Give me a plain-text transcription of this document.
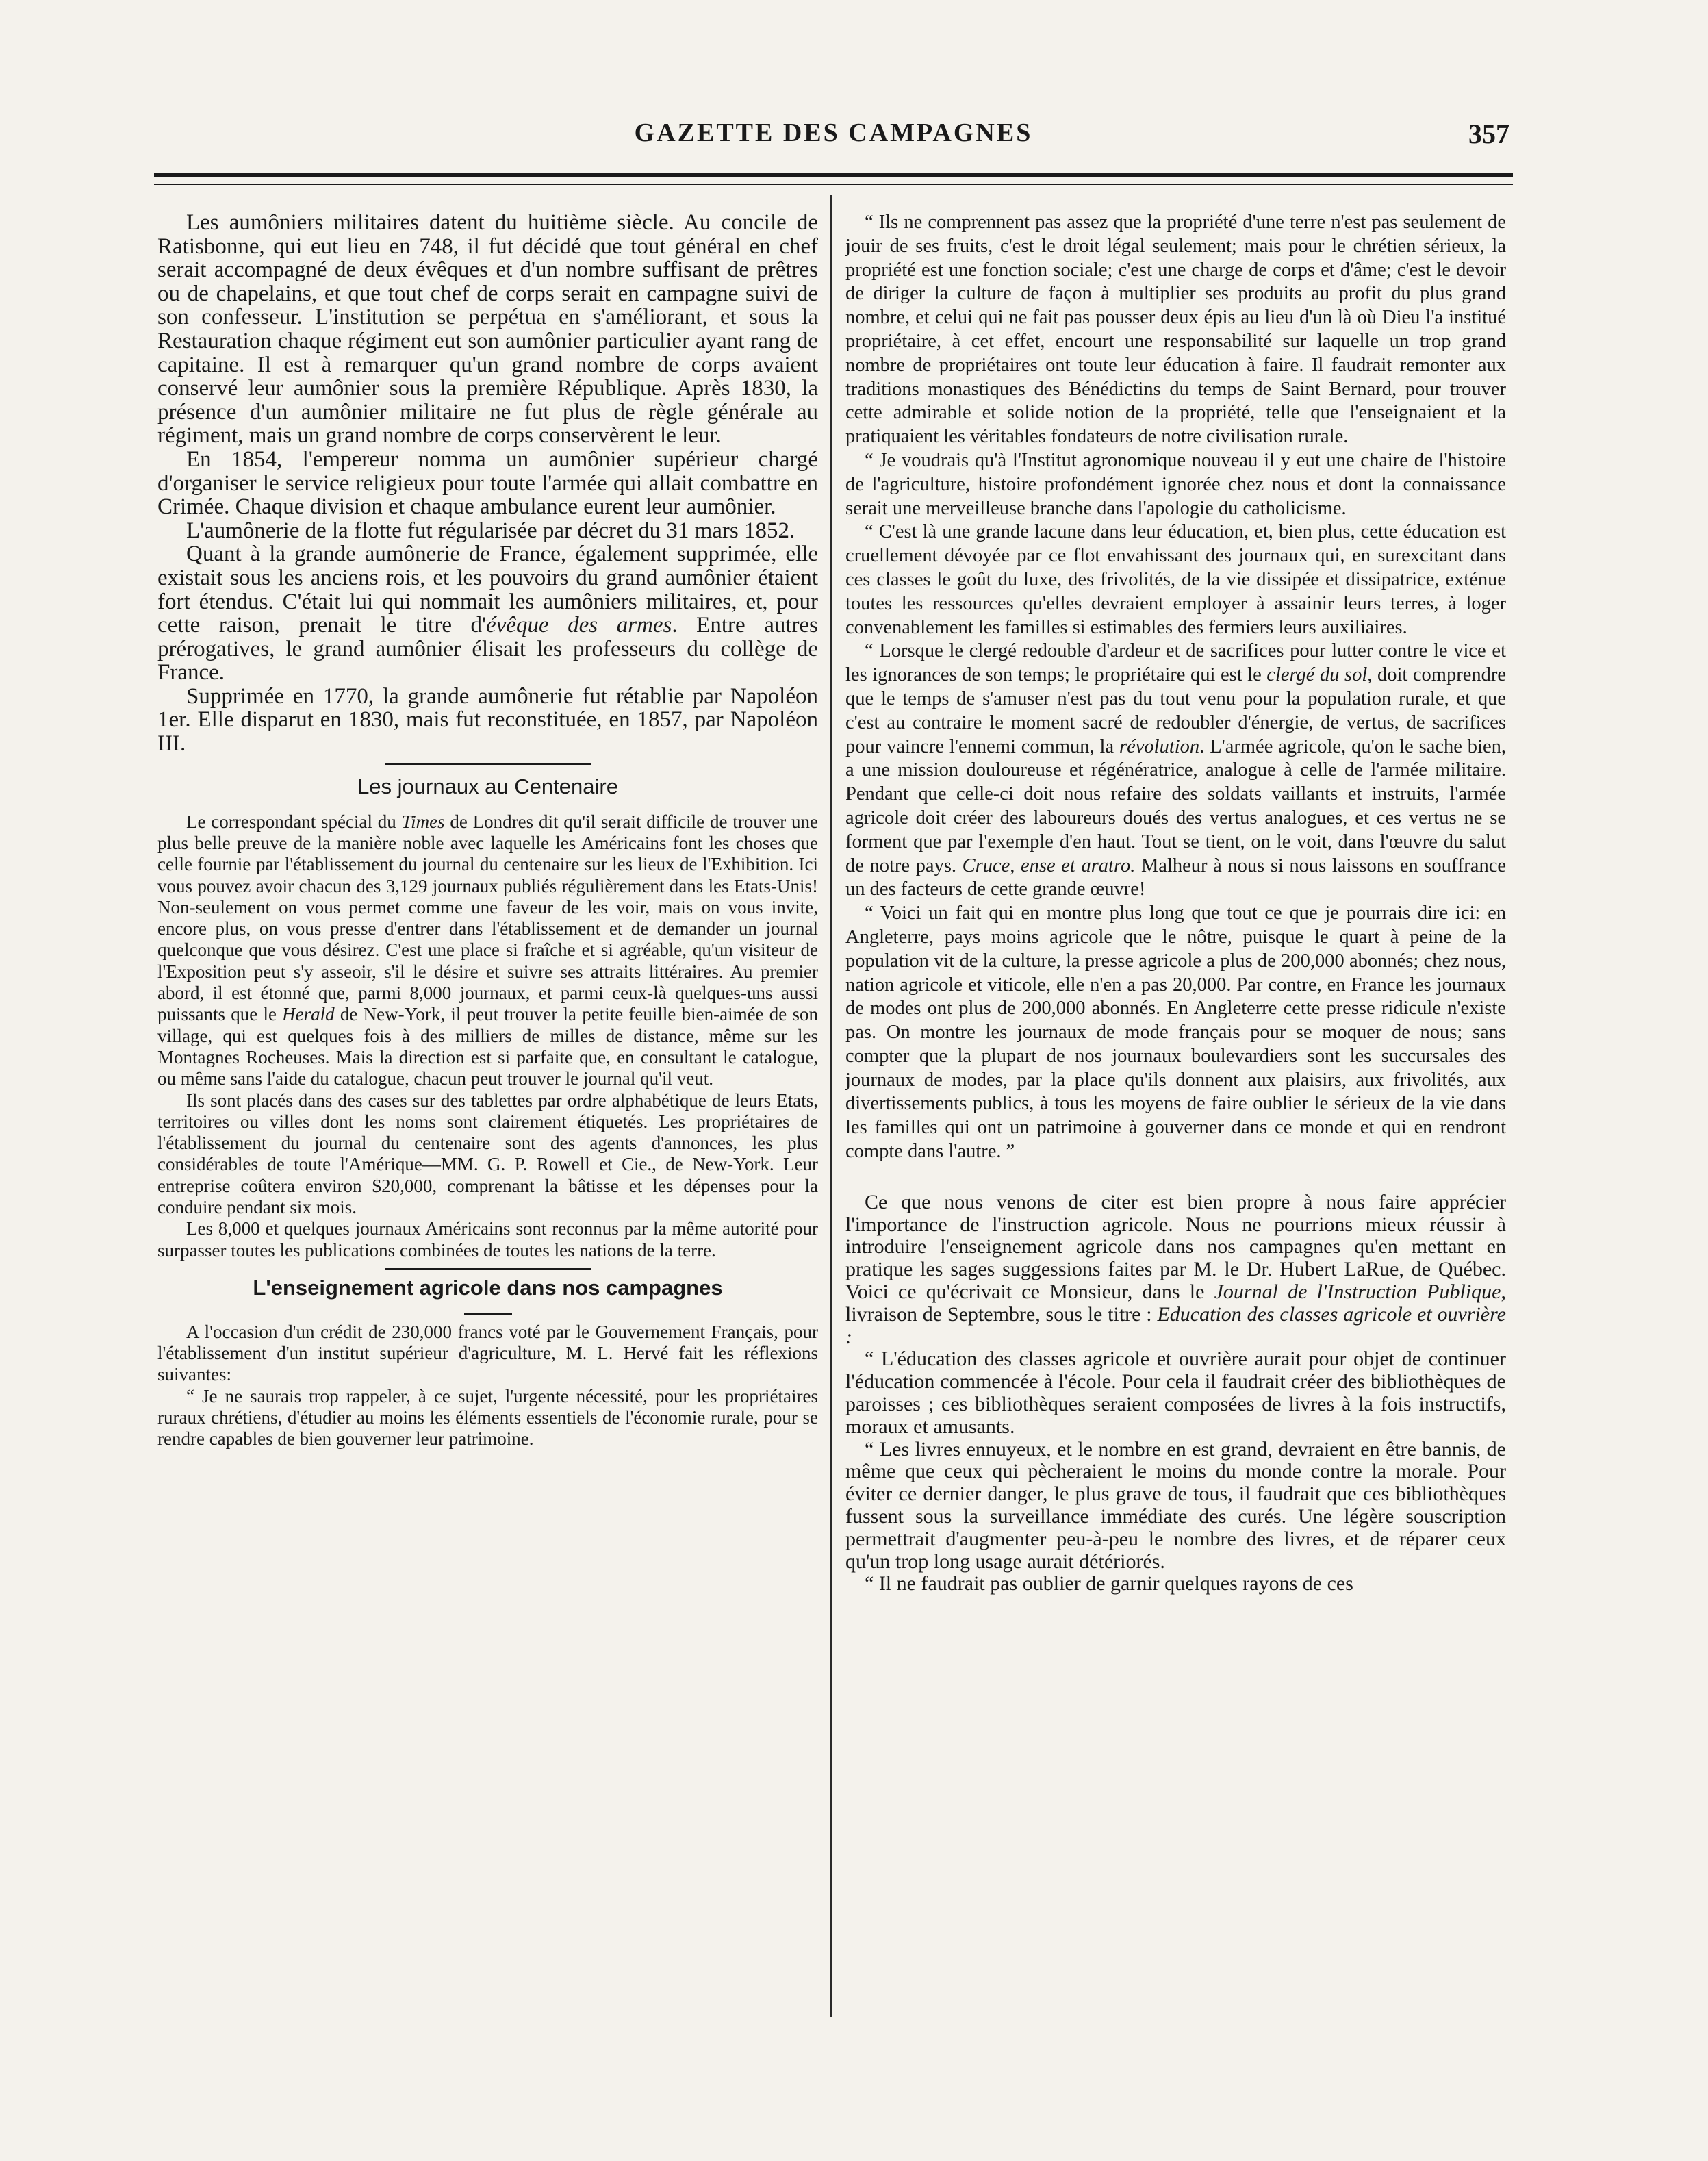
GAZETTE DES CAMPAGNES	357

Les aumôniers militaires datent du huitième siècle. Au concile de Ratisbonne, qui eut lieu en 748, il fut décidé que tout général en chef serait accompagné de deux évêques et d'un nombre suffisant de prêtres ou de chapelains, et que tout chef de corps serait en campagne suivi de son confesseur. L'institution se perpétua en s'améliorant, et sous la Restauration chaque régiment eut son aumônier particulier ayant rang de capitaine. Il est à remarquer qu'un grand nombre de corps avaient conservé leur aumônier sous la première République. Après 1830, la présence d'un aumônier militaire ne fut plus de règle générale au régiment, mais un grand nombre de corps conservèrent le leur.

En 1854, l'empereur nomma un aumônier supérieur chargé d'organiser le service religieux pour toute l'armée qui allait combattre en Crimée. Chaque division et chaque ambulance eurent leur aumônier.

L'aumônerie de la flotte fut régularisée par décret du 31 mars 1852.

Quant à la grande aumônerie de France, également supprimée, elle existait sous les anciens rois, et les pouvoirs du grand aumônier étaient fort étendus. C'était lui qui nommait les aumôniers militaires, et, pour cette raison, prenait le titre d'évêque des armes. Entre autres prérogatives, le grand aumônier élisait les professeurs du collège de France.

Supprimée en 1770, la grande aumônerie fut rétablie par Napoléon 1er. Elle disparut en 1830, mais fut reconstituée, en 1857, par Napoléon III.

Les journaux au Centenaire

Le correspondant spécial du Times de Londres dit qu'il serait difficile de trouver une plus belle preuve de la manière noble avec laquelle les Américains font les choses que celle fournie par l'établissement du journal du centenaire sur les lieux de l'Exhibition. Ici vous pouvez avoir chacun des 3,129 journaux publiés régulièrement dans les Etats-Unis! Non-seulement on vous permet comme une faveur de les voir, mais on vous invite, encore plus, on vous presse d'entrer dans l'établissement et de demander un journal quelconque que vous désirez. C'est une place si fraîche et si agréable, qu'un visiteur de l'Exposition peut s'y asseoir, s'il le désire et suivre ses attraits littéraires. Au premier abord, il est étonné que, parmi 8,000 journaux, et parmi ceux-là quelques-uns aussi puissants que le Herald de New-York, il peut trouver la petite feuille bien-aimée de son village, qui est quelques fois à des milliers de milles de distance, même sur les Montagnes Rocheuses. Mais la direction est si parfaite que, en consultant le catalogue, ou même sans l'aide du catalogue, chacun peut trouver le journal qu'il veut.

Ils sont placés dans des cases sur des tablettes par ordre alphabétique de leurs Etats, territoires ou villes dont les noms sont clairement étiquetés. Les propriétaires de l'établissement du journal du centenaire sont des agents d'annonces, les plus considérables de toute l'Amérique—MM. G. P. Rowell et Cie., de New-York. Leur entreprise coûtera environ $20,000, comprenant la bâtisse et les dépenses pour la conduire pendant six mois.

Les 8,000 et quelques journaux Américains sont reconnus par la même autorité pour surpasser toutes les publications combinées de toutes les nations de la terre.

L'enseignement agricole dans nos campagnes

A l'occasion d'un crédit de 230,000 francs voté par le Gouvernement Français, pour l'établissement d'un institut supérieur d'agriculture, M. L. Hervé fait les réflexions suivantes:

“ Je ne saurais trop rappeler, à ce sujet, l'urgente nécessité, pour les propriétaires ruraux chrétiens, d'étudier au moins les éléments essentiels de l'économie rurale, pour se rendre capables de bien gouverner leur patrimoine.

“ Ils ne comprennent pas assez que la propriété d'une terre n'est pas seulement de jouir de ses fruits, c'est le droit légal seulement; mais pour le chrétien sérieux, la propriété est une fonction sociale; c'est une charge de corps et d'âme; c'est le devoir de diriger la culture de façon à multiplier ses produits au profit du plus grand nombre, et celui qui ne fait pas pousser deux épis au lieu d'un là où Dieu l'a institué propriétaire, à cet effet, encourt une responsabilité sur laquelle un trop grand nombre de propriétaires ont toute leur éducation à faire. Il faudrait remonter aux traditions monastiques des Bénédictins du temps de Saint Bernard, pour trouver cette admirable et solide notion de la propriété, telle que l'enseignaient et la pratiquaient les véritables fondateurs de notre civilisation rurale.

“ Je voudrais qu'à l'Institut agronomique nouveau il y eut une chaire de l'histoire de l'agriculture, histoire profondément ignorée chez nous et dont la connaissance serait une merveilleuse branche dans l'apologie du catholicisme.

“ C'est là une grande lacune dans leur éducation, et, bien plus, cette éducation est cruellement dévoyée par ce flot envahissant des journaux qui, en surexcitant dans ces classes le goût du luxe, des frivolités, de la vie dissipée et dissipatrice, exténue toutes les ressources qu'elles devraient employer à assainir leurs terres, à loger convenablement les familles si estimables des fermiers leurs auxiliaires.

“ Lorsque le clergé redouble d'ardeur et de sacrifices pour lutter contre le vice et les ignorances de son temps; le propriétaire qui est le clergé du sol, doit comprendre que le temps de s'amuser n'est pas du tout venu pour la population rurale, et que c'est au contraire le moment sacré de redoubler d'énergie, de vertus, de sacrifices pour vaincre l'ennemi commun, la révolution. L'armée agricole, qu'on le sache bien, a une mission douloureuse et régénératrice, analogue à celle de l'armée militaire. Pendant que celle-ci doit nous refaire des soldats vaillants et instruits, l'armée agricole doit créer des laboureurs doués des vertus analogues, et ces vertus ne se forment que par l'exemple d'en haut. Tout se tient, on le voit, dans l'œuvre du salut de notre pays. Cruce, ense et aratro. Malheur à nous si nous laissons en souffrance un des facteurs de cette grande œuvre!

“ Voici un fait qui en montre plus long que tout ce que je pourrais dire ici: en Angleterre, pays moins agricole que le nôtre, puisque le quart à peine de la population vit de la culture, la presse agricole a plus de 200,000 abonnés; chez nous, nation agricole et viticole, elle n'en a pas 20,000. Par contre, en France les journaux de modes ont plus de 200,000 abonnés. En Angleterre cette presse ridicule n'existe pas. On montre les journaux de mode français pour se moquer de nous; sans compter que la plupart de nos journaux boulevardiers sont les succursales des journaux de modes, par la place qu'ils donnent aux plaisirs, aux frivolités, aux divertissements publics, à tous les moyens de faire oublier le sérieux de la vie dans les familles qui ont un patrimoine à gouverner dans ce monde et qui en rendront compte dans l'autre. ”

Ce que nous venons de citer est bien propre à nous faire apprécier l'importance de l'instruction agricole. Nous ne pourrions mieux réussir à introduire l'enseignement agricole dans nos campagnes qu'en mettant en pratique les sages suggessions faites par M. le Dr. Hubert LaRue, de Québec. Voici ce qu'écrivait ce Monsieur, dans le Journal de l'Instruction Publique, livraison de Septembre, sous le titre : Education des classes agricole et ouvrière :

“ L'éducation des classes agricole et ouvrière aurait pour objet de continuer l'éducation commencée à l'école. Pour cela il faudrait créer des bibliothèques de paroisses ; ces bibliothèques seraient composées de livres à la fois instructifs, moraux et amusants.

“ Les livres ennuyeux, et le nombre en est grand, devraient en être bannis, de même que ceux qui pècheraient le moins du monde contre la morale. Pour éviter ce dernier danger, le plus grave de tous, il faudrait que ces bibliothèques fussent sous la surveillance immédiate des curés. Une légère souscription permettrait d'augmenter peu-à-peu le nombre des livres, et de réparer ceux qu'un trop long usage aurait détériorés.

“ Il ne faudrait pas oublier de garnir quelques rayons de ces
